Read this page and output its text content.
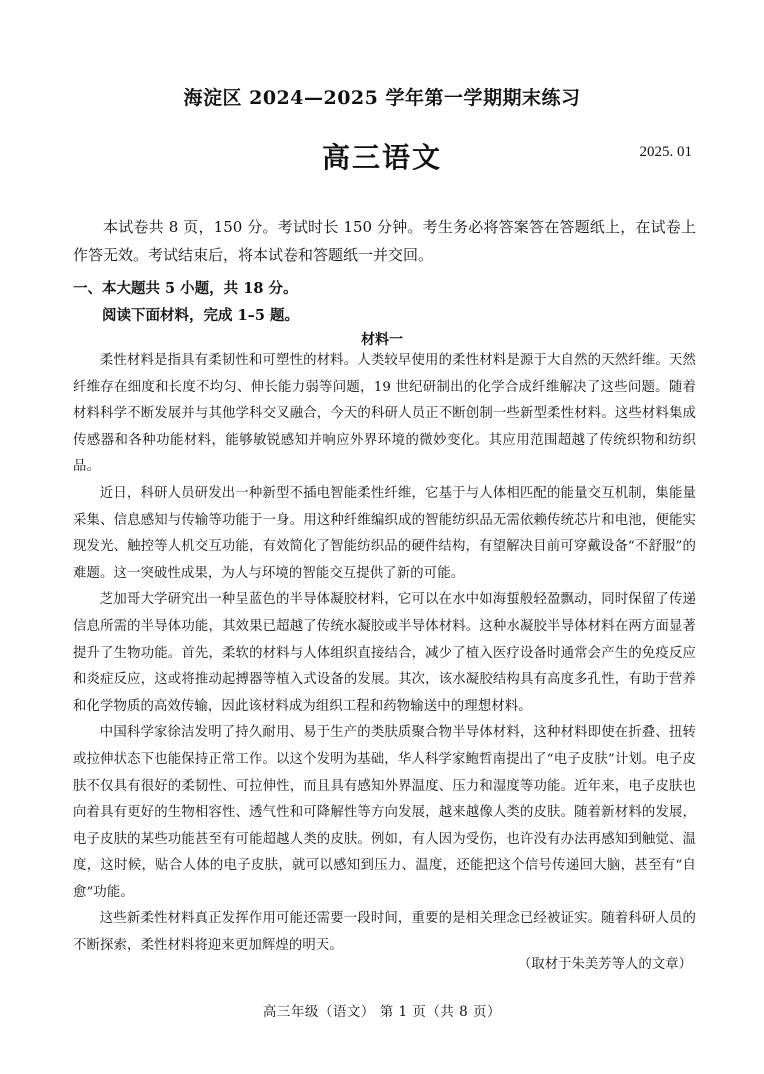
海淀区 2024—2025 学年第一学期期末练习
高三语文	2025. 01

本试卷共 8 页，150 分。考试时长 150 分钟。考生务必将答案答在答题纸上，在试卷上作答无效。考试结束后，将本试卷和答题纸一并交回。

一、本大题共 5 小题，共 18 分。

阅读下面材料，完成 1–5 题。

材料一

柔性材料是指具有柔韧性和可塑性的材料。人类较早使用的柔性材料是源于大自然的天然纤维。天然纤维存在细度和长度不均匀、伸长能力弱等问题，19 世纪研制出的化学合成纤维解决了这些问题。随着材料科学不断发展并与其他学科交叉融合，今天的科研人员正不断创制一些新型柔性材料。这些材料集成传感器和各种功能材料，能够敏锐感知并响应外界环境的微妙变化。其应用范围超越了传统织物和纺织品。

近日，科研人员研发出一种新型不插电智能柔性纤维，它基于与人体相匹配的能量交互机制，集能量采集、信息感知与传输等功能于一身。用这种纤维编织成的智能纺织品无需依赖传统芯片和电池，便能实现发光、触控等人机交互功能，有效简化了智能纺织品的硬件结构，有望解决目前可穿戴设备“不舒服”的难题。这一突破性成果，为人与环境的智能交互提供了新的可能。

芝加哥大学研究出一种呈蓝色的半导体凝胶材料，它可以在水中如海蜇般轻盈飘动，同时保留了传递信息所需的半导体功能，其效果已超越了传统水凝胶或半导体材料。这种水凝胶半导体材料在两方面显著提升了生物功能。首先，柔软的材料与人体组织直接结合，减少了植入医疗设备时通常会产生的免疫反应和炎症反应，这或将推动起搏器等植入式设备的发展。其次，该水凝胶结构具有高度多孔性，有助于营养和化学物质的高效传输，因此该材料成为组织工程和药物输送中的理想材料。

中国科学家徐洁发明了持久耐用、易于生产的类肤质聚合物半导体材料，这种材料即使在折叠、扭转或拉伸状态下也能保持正常工作。以这个发明为基础，华人科学家鲍哲南提出了“电子皮肤”计划。电子皮肤不仅具有很好的柔韧性、可拉伸性，而且具有感知外界温度、压力和湿度等功能。近年来，电子皮肤也向着具有更好的生物相容性、透气性和可降解性等方向发展，越来越像人类的皮肤。随着新材料的发展，电子皮肤的某些功能甚至有可能超越人类的皮肤。例如，有人因为受伤，也许没有办法再感知到触觉、温度，这时候，贴合人体的电子皮肤，就可以感知到压力、温度，还能把这个信号传递回大脑，甚至有“自愈”功能。

这些新柔性材料真正发挥作用可能还需要一段时间，重要的是相关理念已经被证实。随着科研人员的不断探索，柔性材料将迎来更加辉煌的明天。

（取材于朱美芳等人的文章）
高三年级（语文） 第 1 页（共 8 页）
